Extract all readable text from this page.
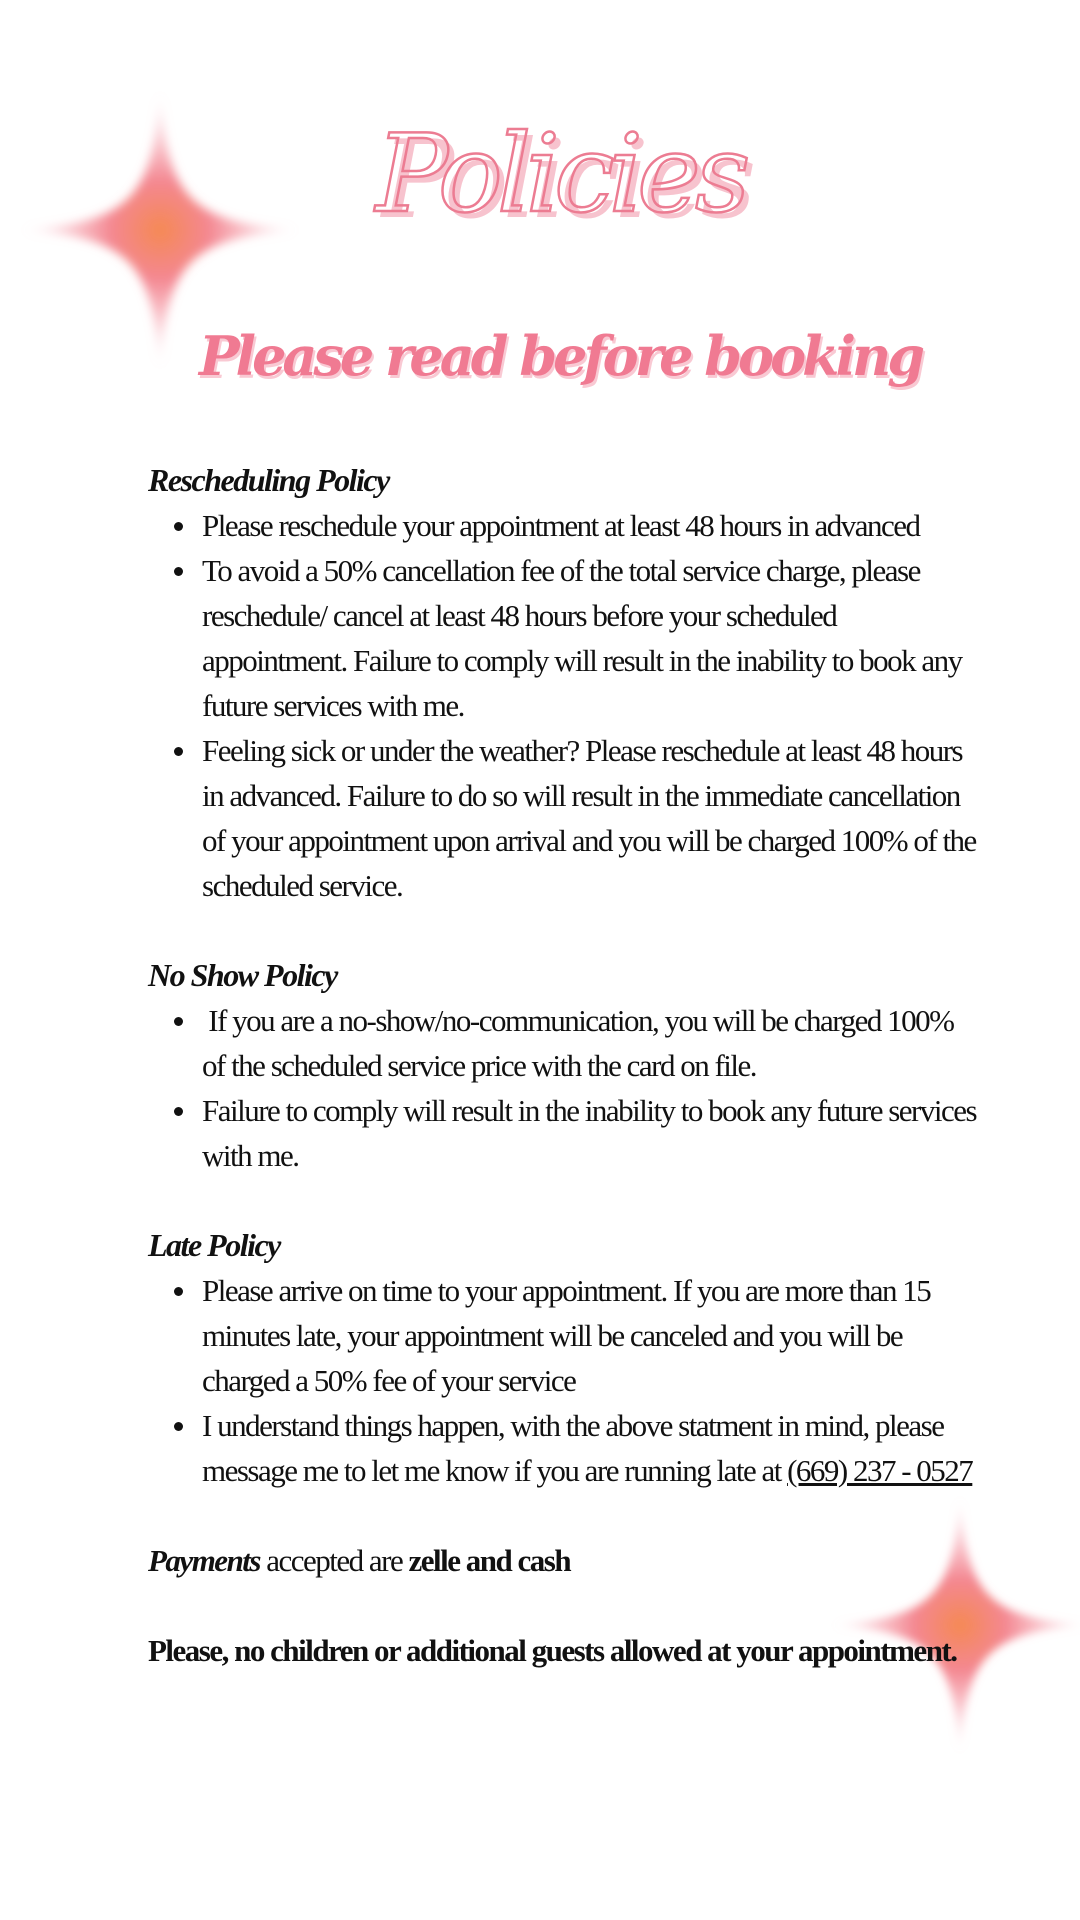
Policies
Please read before booking

Rescheduling Policy

Please reschedule your appointment at least 48 hours in advanced
To avoid a 50% cancellation fee of the total service charge, please reschedule/ cancel at least 48 hours before your scheduled appointment. Failure to comply will result in the inability to book any future services with me.
Feeling sick or under the weather? Please reschedule at least 48 hours in advanced. Failure to do so will result in the immediate cancellation of your appointment upon arrival and you will be charged 100% of the scheduled service.

No Show Policy

If you are a no-show/no-communication, you will be charged 100%  of the scheduled service price with the card on file.
Failure to comply will result in the inability to book any future services with me.

Late Policy

Please arrive on time to your appointment. If you are more than 15 minutes late, your appointment will be canceled and you will be charged a 50% fee of your service
I understand things happen, with the above statment in mind, please message me to let me know if you are running late at (669) 237 - 0527

Payments accepted are zelle and cash

Please, no children or additional guests allowed at your appointment.
